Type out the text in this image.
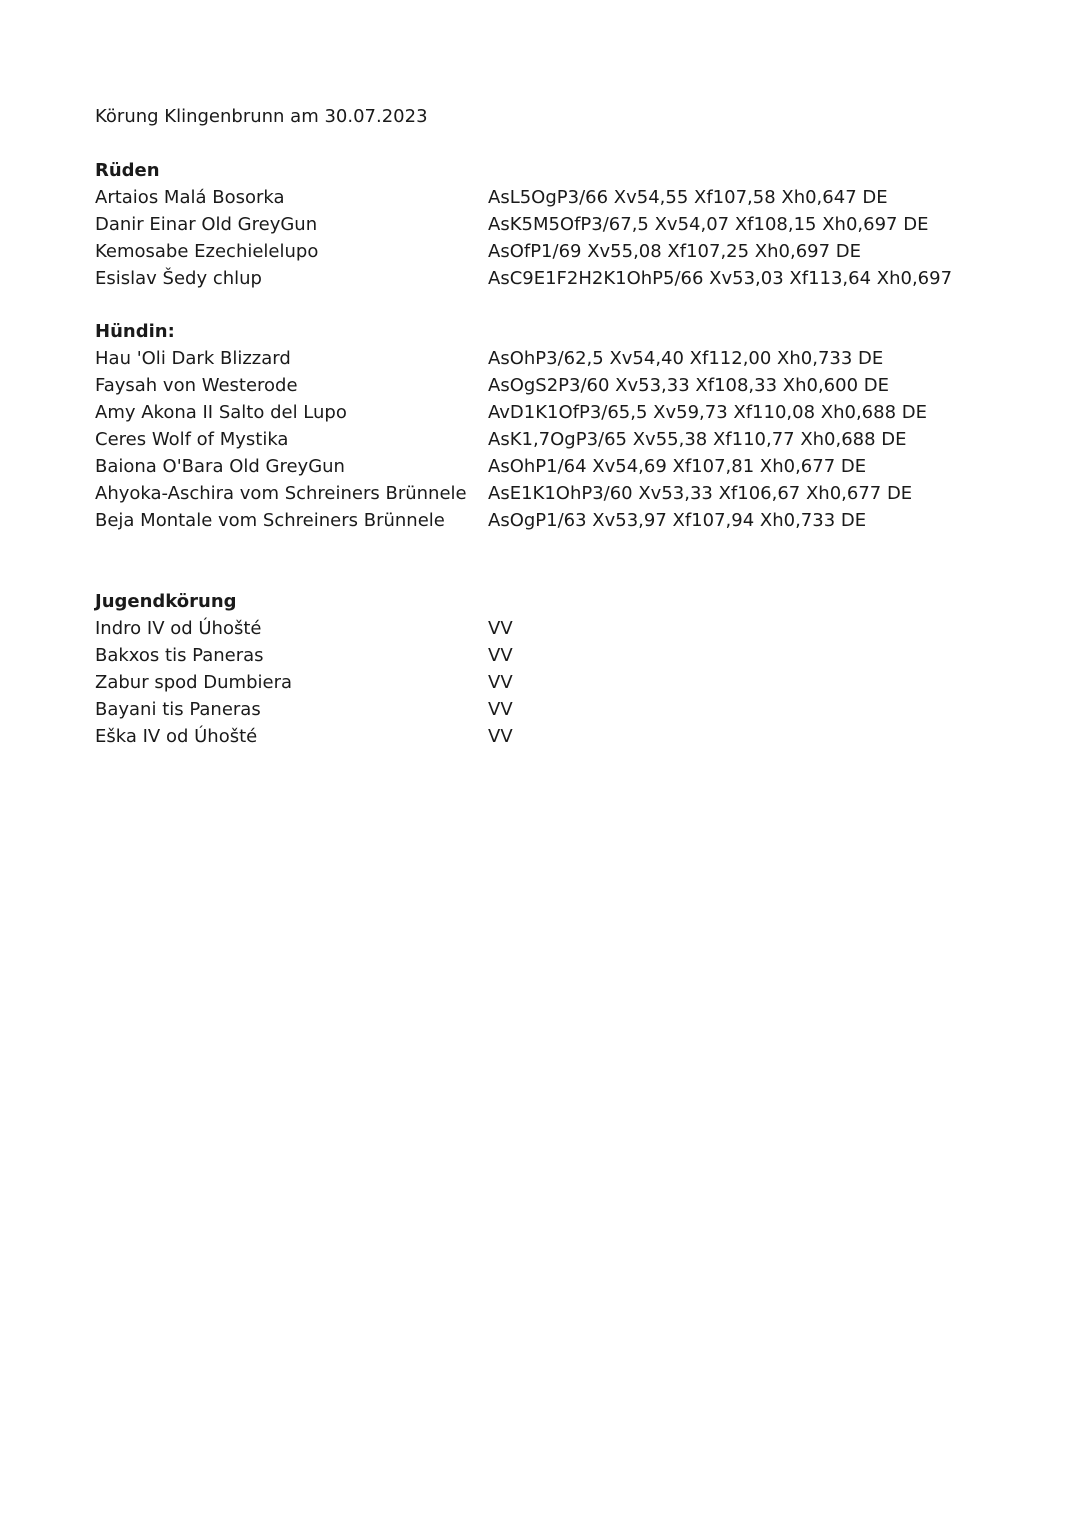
Körung Klingenbrunn am 30.07.2023
Rüden
Artaios Malá Bosorka	AsL5OgP3/66 Xv54,55 Xf107,58 Xh0,647 DE
Danir Einar Old GreyGun	AsK5M5OfP3/67,5 Xv54,07 Xf108,15 Xh0,697 DE
Kemosabe Ezechielelupo	AsOfP1/69 Xv55,08 Xf107,25 Xh0,697 DE
Esislav Šedy chlup	AsC9E1F2H2K1OhP5/66 Xv53,03 Xf113,64 Xh0,697
Hündin:
Hau 'Oli Dark Blizzard	AsOhP3/62,5 Xv54,40 Xf112,00 Xh0,733 DE
Faysah von Westerode	AsOgS2P3/60 Xv53,33 Xf108,33 Xh0,600 DE
Amy Akona II Salto del Lupo	AvD1K1OfP3/65,5 Xv59,73 Xf110,08 Xh0,688 DE
Ceres Wolf of Mystika	AsK1,7OgP3/65 Xv55,38 Xf110,77 Xh0,688 DE
Baiona O'Bara Old GreyGun	AsOhP1/64 Xv54,69 Xf107,81 Xh0,677 DE
Ahyoka-Aschira vom Schreiners Brünnele	AsE1K1OhP3/60 Xv53,33 Xf106,67 Xh0,677 DE
Beja Montale vom Schreiners Brünnele	AsOgP1/63 Xv53,97 Xf107,94 Xh0,733 DE
Jugendkörung
Indro IV od Úhošté	VV
Bakxos tis Paneras	VV
Zabur spod Dumbiera	VV
Bayani tis Paneras	VV
Eška IV od Úhošté	VV
